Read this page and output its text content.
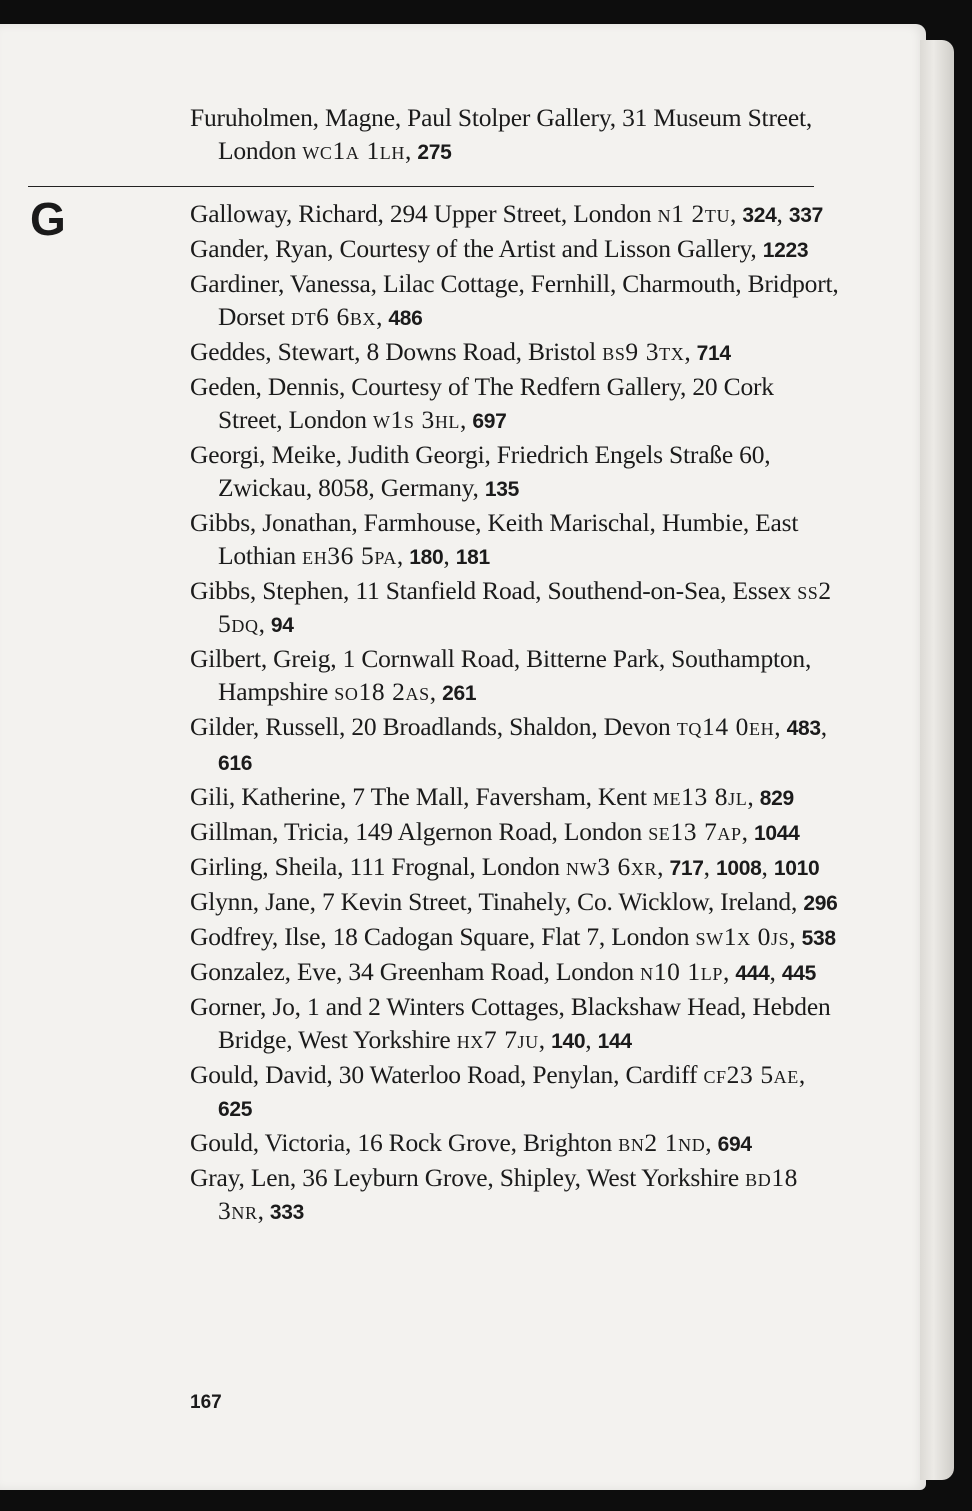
Furuholmen, Magne, Paul Stolper Gallery, 31 Museum Street, London wc1a 1lh, 275
G	Galloway, Richard, 294 Upper Street, London n1 2tu, 324, 337
Gander, Ryan, Courtesy of the Artist and Lisson Gallery, 1223
Gardiner, Vanessa, Lilac Cottage, Fernhill, Charmouth, Bridport, Dorset dt6 6bx, 486
Geddes, Stewart, 8 Downs Road, Bristol bs9 3tx, 714
Geden, Dennis, Courtesy of The Redfern Gallery, 20 Cork Street, London w1s 3hl, 697
Georgi, Meike, Judith Georgi, Friedrich Engels Straße 60, Zwickau, 8058, Germany, 135
Gibbs, Jonathan, Farmhouse, Keith Marischal, Humbie, East Lothian eh36 5pa, 180, 181
Gibbs, Stephen, 11 Stanfield Road, Southend-on-Sea, Essex ss2 5dq, 94
Gilbert, Greig, 1 Cornwall Road, Bitterne Park, Southampton, Hampshire so18 2as, 261
Gilder, Russell, 20 Broadlands, Shaldon, Devon tq14 0eh, 483, 616
Gili, Katherine, 7 The Mall, Faversham, Kent me13 8jl, 829
Gillman, Tricia, 149 Algernon Road, London se13 7ap, 1044
Girling, Sheila, 111 Frognal, London nw3 6xr, 717, 1008, 1010
Glynn, Jane, 7 Kevin Street, Tinahely, Co. Wicklow, Ireland, 296
Godfrey, Ilse, 18 Cadogan Square, Flat 7, London sw1x 0js, 538
Gonzalez, Eve, 34 Greenham Road, London n10 1lp, 444, 445
Gorner, Jo, 1 and 2 Winters Cottages, Blackshaw Head, Hebden Bridge, West Yorkshire hx7 7ju, 140, 144
Gould, David, 30 Waterloo Road, Penylan, Cardiff cf23 5ae, 625
Gould, Victoria, 16 Rock Grove, Brighton bn2 1nd, 694
Gray, Len, 36 Leyburn Grove, Shipley, West Yorkshire bd18 3nr, 333
167
